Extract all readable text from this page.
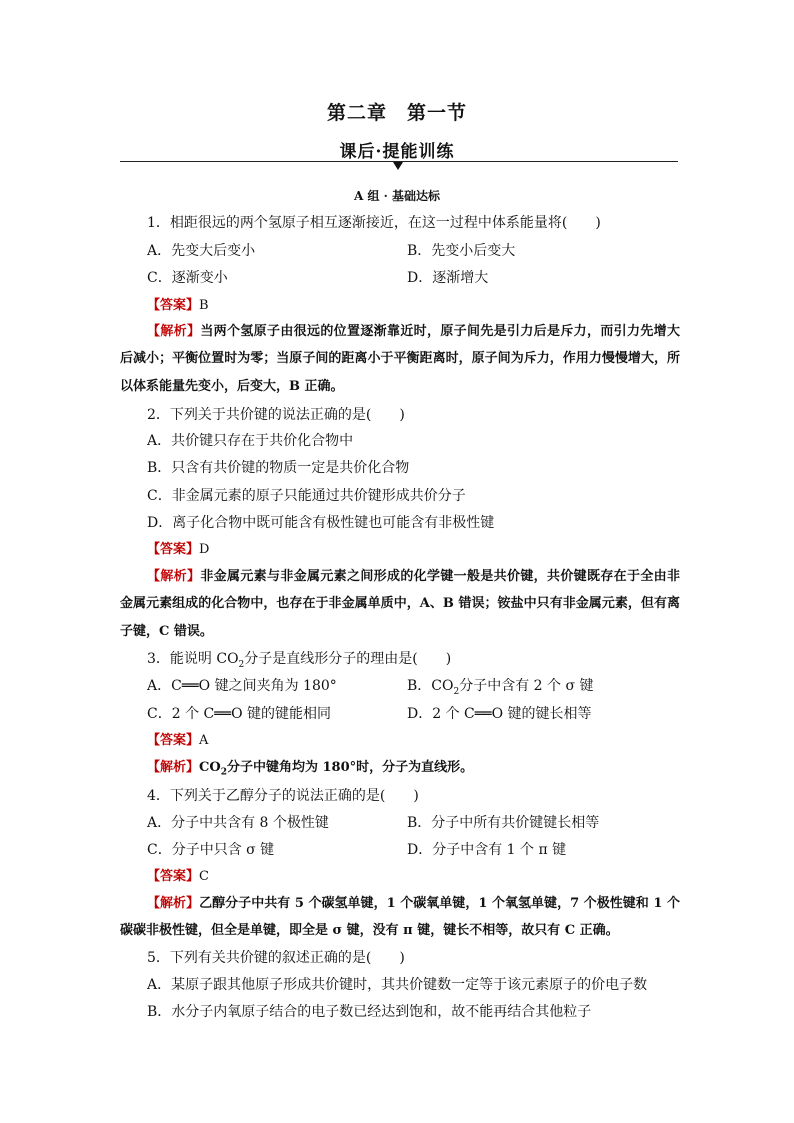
第二章　第一节
课后·提能训练
A 组 · 基础达标
1．相距很远的两个氢原子相互逐渐接近，在这一过程中体系能量将(　　)
A．先变大后变小	B．先变小后变大
C．逐渐变小	D．逐渐增大
【答案】B
【解析】当两个氢原子由很远的位置逐渐靠近时，原子间先是引力后是斥力，而引力先增大后减小；平衡位置时为零；当原子间的距离小于平衡距离时，原子间为斥力，作用力慢慢增大，所以体系能量先变小，后变大，B 正确。
2．下列关于共价键的说法正确的是(　　)
A．共价键只存在于共价化合物中
B．只含有共价键的物质一定是共价化合物
C．非金属元素的原子只能通过共价键形成共价分子
D．离子化合物中既可能含有极性键也可能含有非极性键
【答案】D
【解析】非金属元素与非金属元素之间形成的化学键一般是共价键，共价键既存在于全由非金属元素组成的化合物中，也存在于非金属单质中，A、B 错误；铵盐中只有非金属元素，但有离子键，C 错误。
3．能说明 $CO_2$分子是直线形分子的理由是(　　)
A．C══O 键之间夹角为 180°	B．$CO_2$分子中含有 2 个 σ 键
C．2 个 C══O 键的键能相同	D．2 个 C══O 键的键长相等
【答案】A
【解析】$CO_2$分子中键角均为 180°时，分子为直线形。
4．下列关于乙醇分子的说法正确的是(　　)
A．分子中共含有 8 个极性键	B．分子中所有共价键键长相等
C．分子中只含 σ 键	D．分子中含有 1 个 π 键
【答案】C
【解析】乙醇分子中共有 5 个碳氢单键，1 个碳氧单键，1 个氧氢单键，7 个极性键和 1 个碳碳非极性键，但全是单键，即全是 σ 键，没有 π 键，键长不相等，故只有 C 正确。
5．下列有关共价键的叙述正确的是(　　)
A．某原子跟其他原子形成共价键时，其共价键数一定等于该元素原子的价电子数
B．水分子内氧原子结合的电子数已经达到饱和，故不能再结合其他粒子
